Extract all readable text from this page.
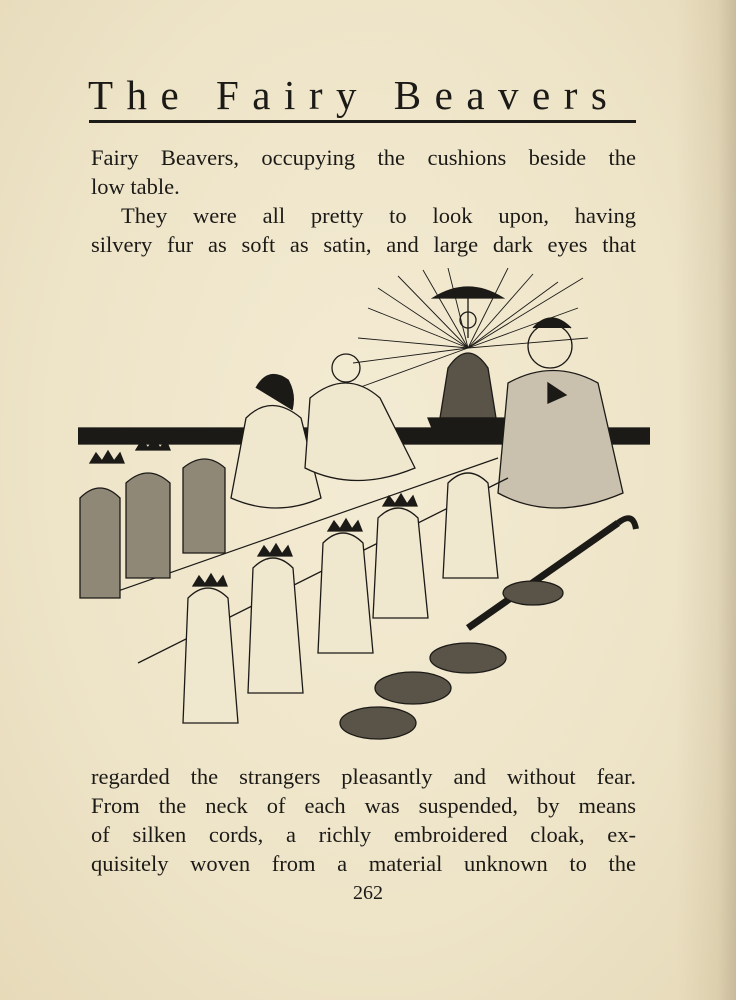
The Fairy Beavers
Fairy Beavers, occupying the cushions beside the
low table.
They were all pretty to look upon, having
silvery fur as soft as satin, and large dark eyes that
regarded the strangers pleasantly and without fear.
From the neck of each was suspended, by means
of silken cords, a richly embroidered cloak, ex-
quisitely woven from a material unknown to the
262
